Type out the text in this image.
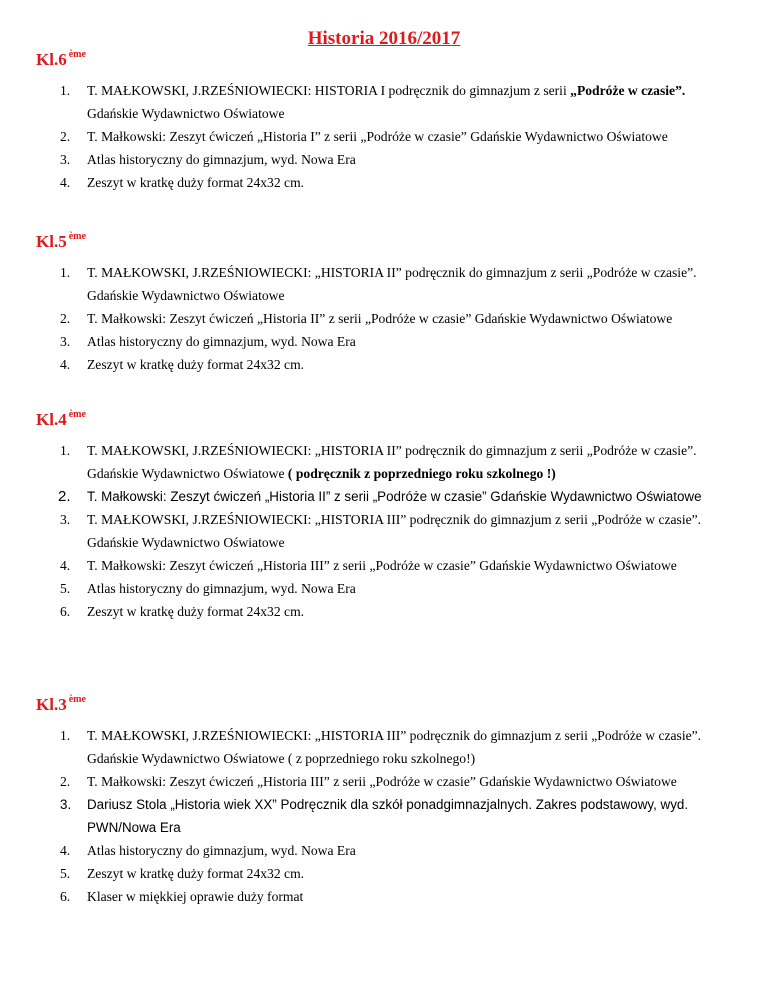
Historia 2016/2017
Kl.6 $^{ème}$
1.	T. MAŁKOWSKI, J.RZEŚNIOWIECKI: HISTORIA I podręcznik do gimnazjum z serii „Podróże w czasie”. Gdańskie Wydawnictwo Oświatowe
2.	T. Małkowski: Zeszyt ćwiczeń „Historia I” z serii „Podróże w czasie” Gdańskie Wydawnictwo Oświatowe
3.	Atlas historyczny do gimnazjum, wyd. Nowa Era
4.	Zeszyt w kratkę duży format 24x32 cm.
Kl.5 $^{ème}$
1.	T. MAŁKOWSKI, J.RZEŚNIOWIECKI: „HISTORIA II” podręcznik do gimnazjum z serii „Podróże w czasie”. Gdańskie Wydawnictwo Oświatowe
2.	T. Małkowski: Zeszyt ćwiczeń „Historia II” z serii „Podróże w czasie” Gdańskie Wydawnictwo Oświatowe
3.	Atlas historyczny do gimnazjum, wyd. Nowa Era
4.	Zeszyt w kratkę duży format 24x32 cm.
Kl.4 $^{ème}$
1.	T. MAŁKOWSKI, J.RZEŚNIOWIECKI: „HISTORIA II” podręcznik do gimnazjum z serii „Podróże w czasie”. Gdańskie Wydawnictwo Oświatowe ( podręcznik z poprzedniego roku szkolnego !)
2.	T. Małkowski: Zeszyt ćwiczeń „Historia II” z serii „Podróże w czasie” Gdańskie Wydawnictwo Oświatowe
3.	T. MAŁKOWSKI, J.RZEŚNIOWIECKI: „HISTORIA III” podręcznik do gimnazjum z serii „Podróże w czasie”. Gdańskie Wydawnictwo Oświatowe
4.	T. Małkowski: Zeszyt ćwiczeń „Historia III” z serii „Podróże w czasie” Gdańskie Wydawnictwo Oświatowe
5.	Atlas historyczny do gimnazjum, wyd. Nowa Era
6.	Zeszyt w kratkę duży format 24x32 cm.
Kl.3 $^{ème}$
1.	T. MAŁKOWSKI, J.RZEŚNIOWIECKI: „HISTORIA III” podręcznik do gimnazjum z serii „Podróże w czasie”. Gdańskie Wydawnictwo Oświatowe ( z poprzedniego roku szkolnego!)
2.	T. Małkowski: Zeszyt ćwiczeń „Historia III” z serii „Podróże w czasie” Gdańskie Wydawnictwo Oświatowe
3.	Dariusz Stola „Historia wiek XX” Podręcznik dla szkół ponadgimnazjalnych. Zakres podstawowy, wyd. PWN/Nowa Era
4.	Atlas historyczny do gimnazjum, wyd. Nowa Era
5.	Zeszyt w kratkę duży format 24x32 cm.
6.	Klaser w miękkiej oprawie duży format
